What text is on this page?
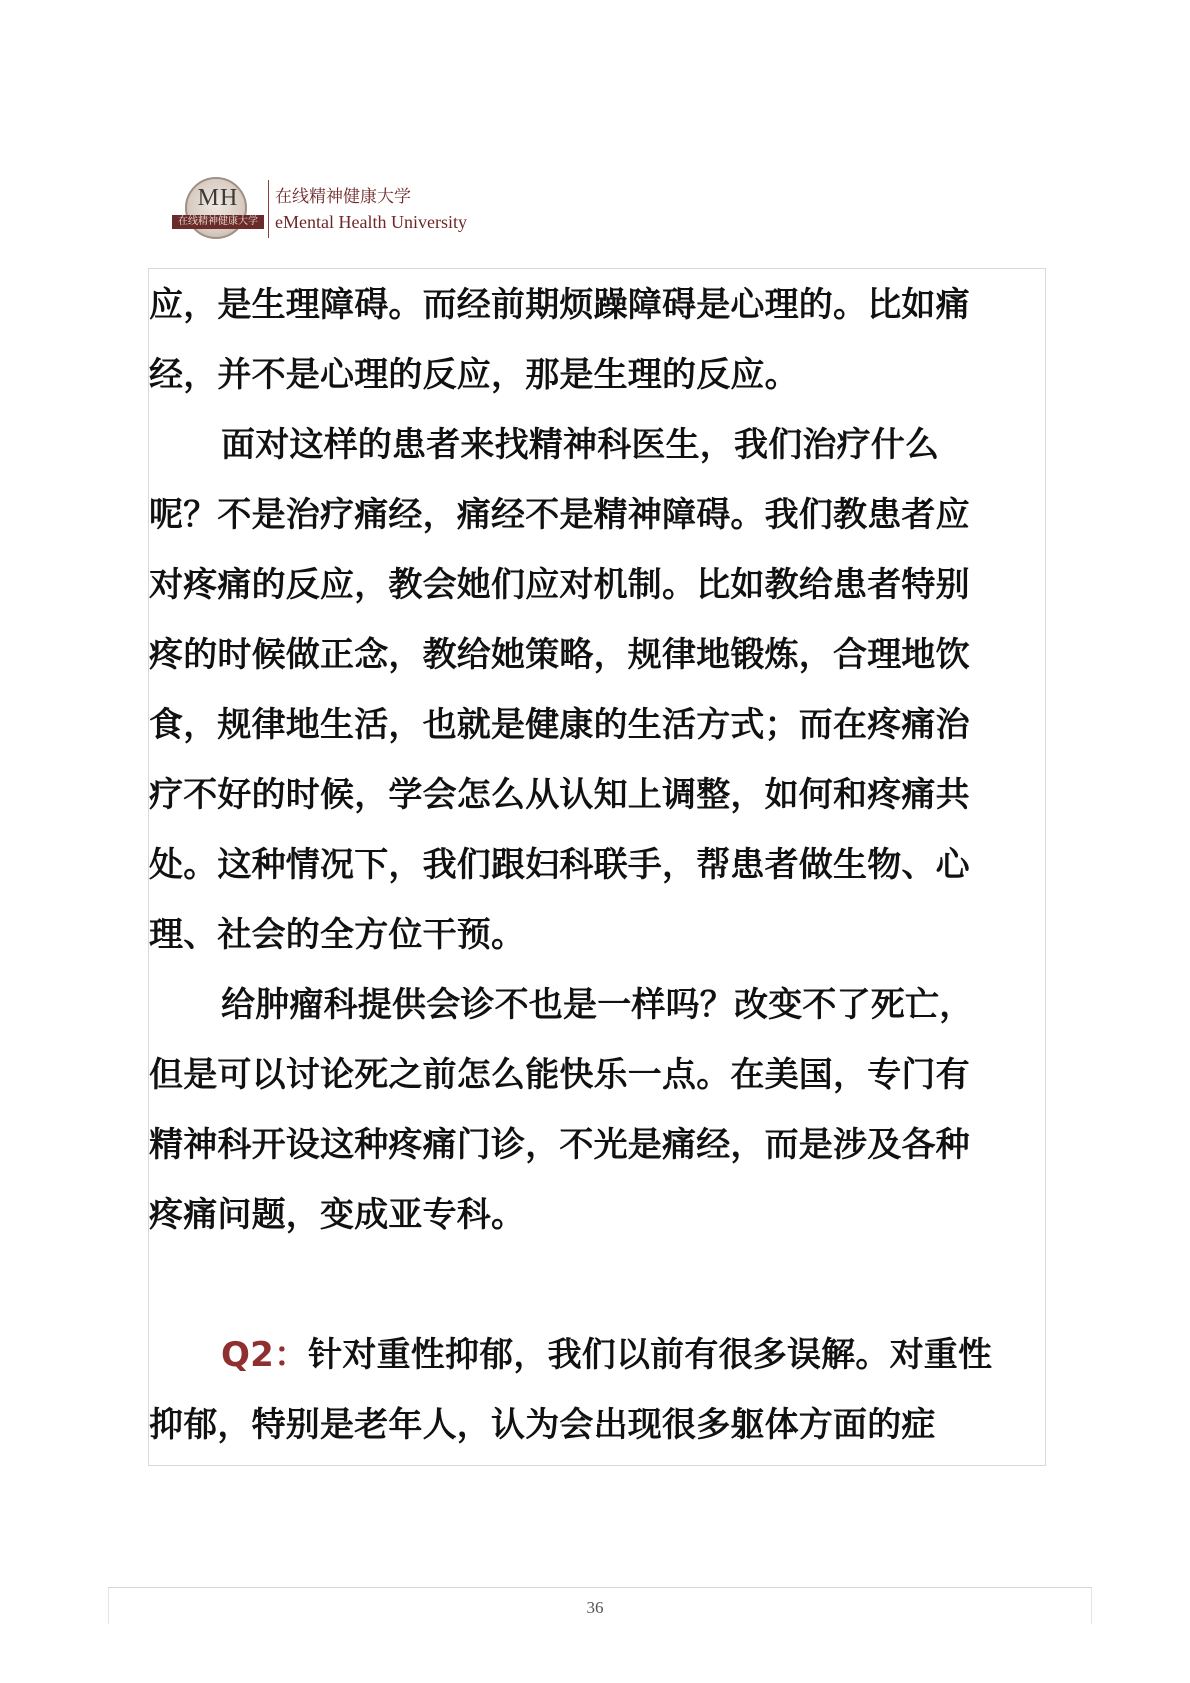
MH
在线精神健康大学
在线精神健康大学
eMental Health University
应，是生理障碍。而经前期烦躁障碍是心理的。比如痛
经，并不是心理的反应，那是生理的反应。
面对这样的患者来找精神科医生，我们治疗什么
呢？不是治疗痛经，痛经不是精神障碍。我们教患者应
对疼痛的反应，教会她们应对机制。比如教给患者特别
疼的时候做正念，教给她策略，规律地锻炼，合理地饮
食，规律地生活，也就是健康的生活方式；而在疼痛治
疗不好的时候，学会怎么从认知上调整，如何和疼痛共
处。这种情况下，我们跟妇科联手，帮患者做生物、心
理、社会的全方位干预。
给肿瘤科提供会诊不也是一样吗？改变不了死亡，
但是可以讨论死之前怎么能快乐一点。在美国，专门有
精神科开设这种疼痛门诊，不光是痛经，而是涉及各种
疼痛问题，变成亚专科。
Q2：针对重性抑郁，我们以前有很多误解。对重性
抑郁，特别是老年人，认为会出现很多躯体方面的症
36
